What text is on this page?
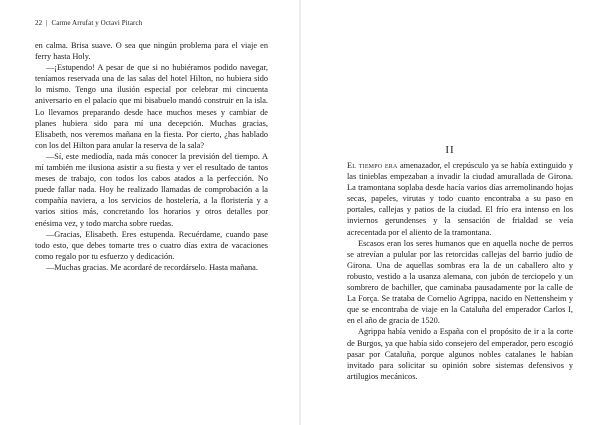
22 | Carme Arrufat y Octavi Pitarch

en calma. Brisa suave. O sea que ningún problema para el viaje en ferry hasta Holy.

—¡Estupendo! A pesar de que si no hubiéramos podido navegar, teníamos reservada una de las salas del hotel Hilton, no hubiera sido lo mismo. Tengo una ilusión especial por celebrar mi cincuenta aniversario en el palacio que mi bisabuelo mandó construir en la isla. Lo llevamos preparando desde hace muchos meses y cambiar de planes hubiera sido para mí una decepción. Muchas gracias, Elisabeth, nos veremos mañana en la fiesta. Por cierto, ¿has hablado con los del Hilton para anular la reserva de la sala?

—Sí, este mediodía, nada más conocer la previsión del tiempo. A mí también me ilusiona asistir a su fiesta y ver el resultado de tantos meses de trabajo, con todos los cabos atados a la perfección. No puede fallar nada. Hoy he realizado llamadas de comprobación a la compañía naviera, a los servicios de hostelería, a la floristería y a varios sitios más, concretando los horarios y otros detalles por enésima vez, y todo marcha sobre ruedas.

—Gracias, Elisabeth. Eres estupenda. Recuérdame, cuando pase todo esto, que debes tomarte tres o cuatro días extra de vacaciones como regalo por tu esfuerzo y dedicación.

—Muchas gracias. Me acordaré de recordárselo. Hasta mañana.

II

El tiempo era amenazador, el crepúsculo ya se había extinguido y las tinieblas empezaban a invadir la ciudad amurallada de Girona. La tramontana soplaba desde hacía varios días arremolinando hojas secas, papeles, virutas y todo cuanto encontraba a su paso en portales, callejas y patios de la ciudad. El frío era intenso en los inviernos gerundenses y la sensación de frialdad se veía acrecentada por el aliento de la tramontana.

Escasos eran los seres humanos que en aquella noche de perros se atrevían a pulular por las retorcidas callejas del barrio judío de Girona. Una de aquellas sombras era la de un caballero alto y robusto, vestido a la usanza alemana, con jubón de terciopelo y un sombrero de bachiller, que caminaba pausadamente por la calle de La Força. Se trataba de Cornelio Agrippa, nacido en Nettensheim y que se encontraba de viaje en la Cataluña del emperador Carlos I, en el año de gracia de 1520.

Agrippa había venido a España con el propósito de ir a la corte de Burgos, ya que había sido consejero del emperador, pero escogió pasar por Cataluña, porque algunos nobles catalanes le habían invitado para solicitar su opinión sobre sistemas defensivos y artilugios mecánicos.
